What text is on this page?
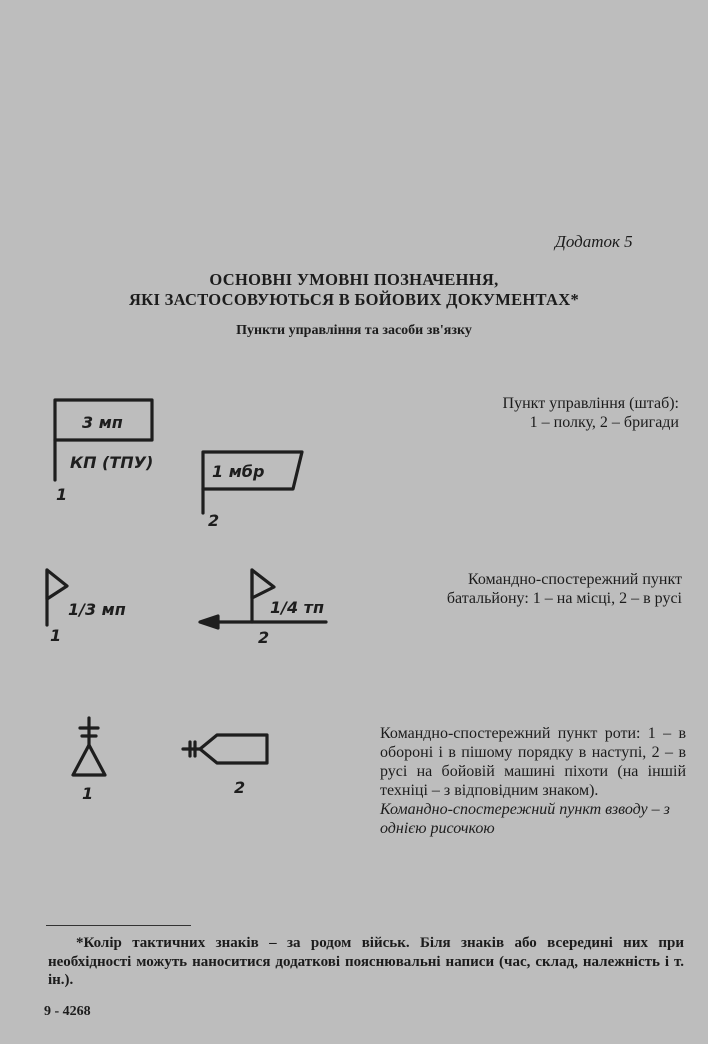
Додаток 5

ОСНОВНІ УМОВНІ ПОЗНАЧЕННЯ,
ЯКІ ЗАСТОСОВУЮТЬСЯ В БОЙОВИХ ДОКУМЕНТАХ*
Пункти управління та засоби зв'язку
3 мп
КП (ТПУ)
1
1 мбр
2
1/3 мп
1
1/4 тп
2
1	2
Пункт управління (штаб):
1 – полку, 2 – бригади
Командно-спостережний пункт
батальйону: 1 – на місці, 2 – в русі
Командно-спостережний пункт роти: 1 – в обороні і в пішому порядку в наступі, 2 – в русі на бойовій машині піхоти (на іншій техніці – з відповідним знаком).
Командно-спостережний пункт взводу – з однією рисочкою

*Колір тактичних знаків – за родом військ. Біля знаків або всередині них при необхідності можуть наноситися додаткові пояснювальні написи (час, склад, належність і т. ін.).

9 - 4268
